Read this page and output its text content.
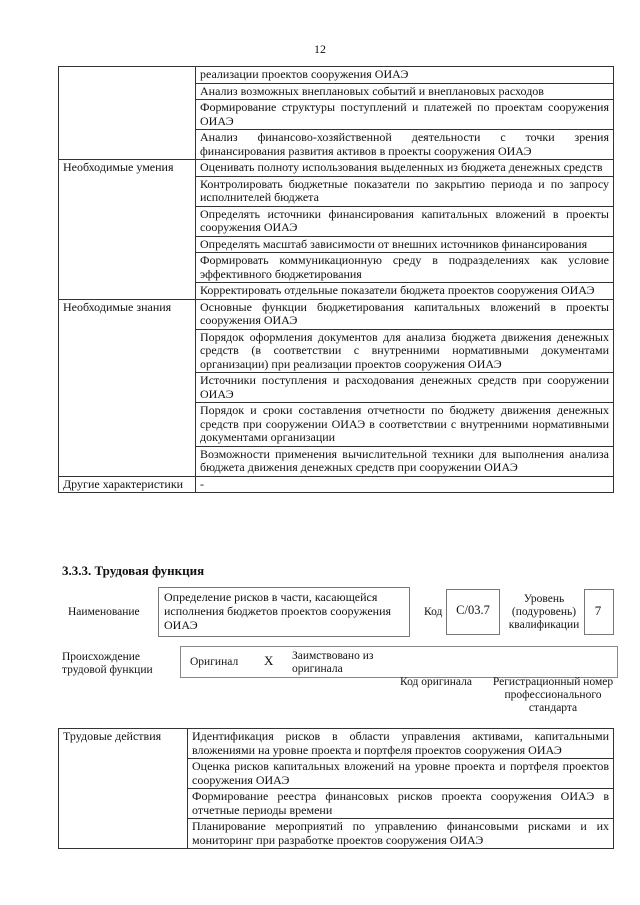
12
	реализации проектов сооружения ОИАЭ
	Анализ возможных внеплановых событий и внеплановых расходов
	Формирование структуры поступлений и платежей по проектам сооружения ОИАЭ
	Анализ финансово-хозяйственной деятельности с точки зрения финансирования развития активов в проекты сооружения ОИАЭ
Необходимые умения	Оценивать полноту использования выделенных из бюджета денежных средств
	Контролировать бюджетные показатели по закрытию периода и по запросу исполнителей бюджета
	Определять источники финансирования капитальных вложений в проекты сооружения ОИАЭ
	Определять масштаб зависимости от внешних источников финансирования
	Формировать коммуникационную среду в подразделениях как условие эффективного бюджетирования
	Корректировать отдельные показатели бюджета проектов сооружения ОИАЭ
Необходимые знания	Основные функции бюджетирования капитальных вложений в проекты сооружения ОИАЭ
	Порядок оформления документов для анализа бюджета движения денежных средств (в соответствии с внутренними нормативными документами организации) при реализации проектов сооружения ОИАЭ
	Источники поступления и расходования денежных средств при сооружении ОИАЭ
	Порядок и сроки составления отчетности по бюджету движения денежных средств при сооружении ОИАЭ в соответствии с внутренними нормативными документами организации
	Возможности применения вычислительной техники для выполнения анализа бюджета движения денежных средств при сооружении ОИАЭ
Другие характеристики	-
3.3.3. Трудовая функция
Наименование
Определение рисков в части, касающейся исполнения бюджетов проектов сооружения ОИАЭ
Код	C/03.7
Уровень (подуровень) квалификации
7
Происхождение трудовой функции
Оригинал X Заимствовано из оригинала
Код оригинала Регистрационный номер профессионального стандарта
Трудовые действия	Идентификация рисков в области управления активами, капитальными вложениями на уровне проекта и портфеля проектов сооружения ОИАЭ
Оценка рисков капитальных вложений на уровне проекта и портфеля проектов сооружения ОИАЭ
Формирование реестра финансовых рисков проекта сооружения ОИАЭ в отчетные периоды времени
Планирование мероприятий по управлению финансовыми рисками и их мониторинг при разработке проектов сооружения ОИАЭ
